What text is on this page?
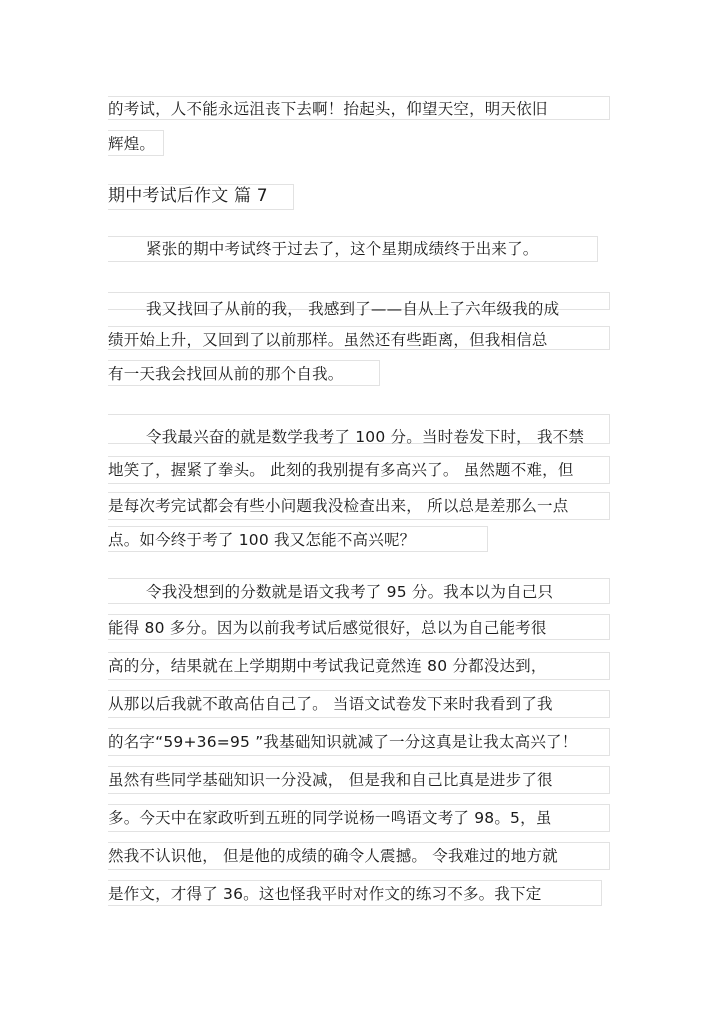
的考试，人不能永远沮丧下去啊！抬起头，仰望天空，明天依旧
辉煌。
期中考试后作文 篇 7
紧张的期中考试终于过去了，这个星期成绩终于出来了。
我又找回了从前的我， 我感到了——自从上了六年级我的成
绩开始上升，又回到了以前那样。虽然还有些距离，但我相信总
有一天我会找回从前的那个自我。
令我最兴奋的就是数学我考了 100 分。当时卷发下时， 我不禁
地笑了，握紧了拳头。 此刻的我别提有多高兴了。 虽然题不难，但
是每次考完试都会有些小问题我没检查出来， 所以总是差那么一点
点。如今终于考了 100 我又怎能不高兴呢？
令我没想到的分数就是语文我考了 95 分。我本以为自己只
能得 80 多分。因为以前我考试后感觉很好，总以为自己能考很
高的分，结果就在上学期期中考试我记竟然连 80 分都没达到，
从那以后我就不敢高估自己了。 当语文试卷发下来时我看到了我
的名字“59+36=95 ”我基础知识就减了一分这真是让我太高兴了！
虽然有些同学基础知识一分没减， 但是我和自己比真是进步了很
多。今天中在家政听到五班的同学说杨一鸣语文考了 98。5，虽
然我不认识他， 但是他的成绩的确令人震撼。 令我难过的地方就
是作文，才得了 36。这也怪我平时对作文的练习不多。我下定
